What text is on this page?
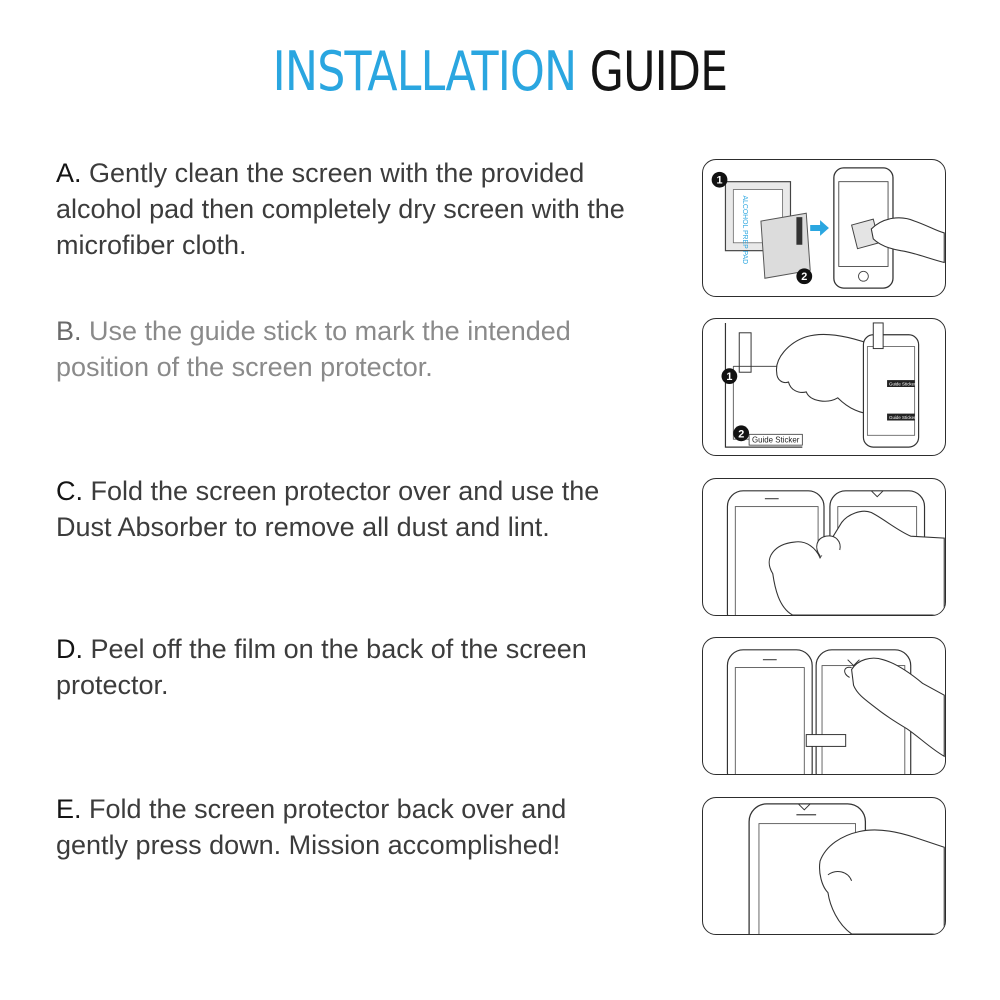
INSTALLATION GUIDE
A. Gently clean the screen with the provided alcohol pad then completely dry screen with the microfiber cloth.
B. Use the guide stick to mark the intended position of the screen protector.
C. Fold the screen protector over and use the Dust Absorber to remove all dust and lint.
D. Peel off the film on the back of the screen protector.
E. Fold the screen protector back over and gently press down. Mission accomplished!
ALCOHOL PREP PAD
1
2
1
2 Guide Sticker
Guide Sticker
Guide Sticker
